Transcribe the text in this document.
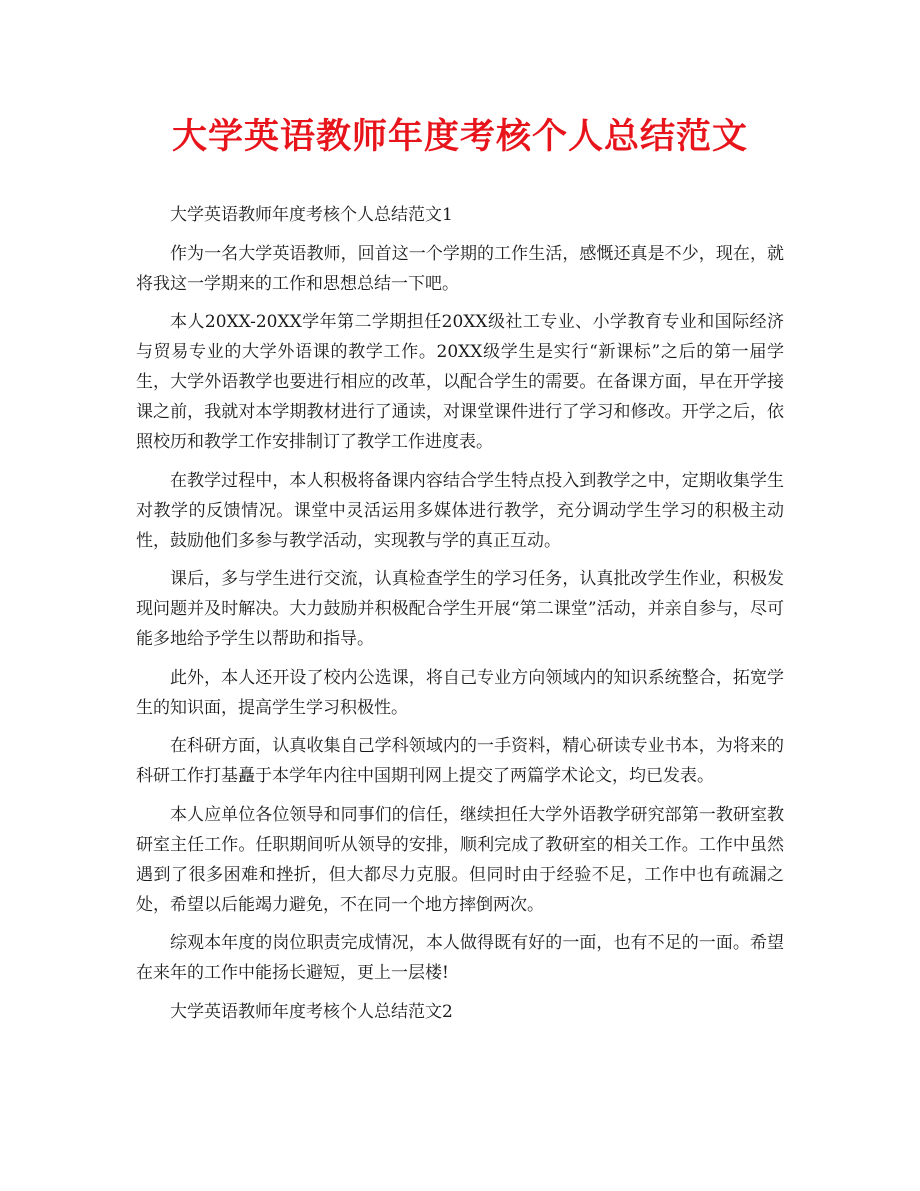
大学英语教师年度考核个人总结范文

大学英语教师年度考核个人总结范文1

作为一名大学英语教师，回首这一个学期的工作生活，感慨还真是不少，现在，就将我这一学期来的工作和思想总结一下吧。

本人20XX-20XX学年第二学期担任20XX级社工专业、小学教育专业和国际经济与贸易专业的大学外语课的教学工作。20XX级学生是实行“新课标”之后的第一届学生，大学外语教学也要进行相应的改革，以配合学生的需要。在备课方面，早在开学接课之前，我就对本学期教材进行了通读，对课堂课件进行了学习和修改。开学之后，依照校历和教学工作安排制订了教学工作进度表。

在教学过程中，本人积极将备课内容结合学生特点投入到教学之中，定期收集学生对教学的反馈情况。课堂中灵活运用多媒体进行教学，充分调动学生学习的积极主动性，鼓励他们多参与教学活动，实现教与学的真正互动。

课后，多与学生进行交流，认真检查学生的学习任务，认真批改学生作业，积极发现问题并及时解决。大力鼓励并积极配合学生开展“第二课堂”活动，并亲自参与，尽可能多地给予学生以帮助和指导。

此外，本人还开设了校内公选课，将自己专业方向领域内的知识系统整合，拓宽学生的知识面，提高学生学习积极性。

在科研方面，认真收集自己学科领域内的一手资料，精心研读专业书本，为将来的科研工作打基矗于本学年内往中国期刊网上提交了两篇学术论文，均已发表。

本人应单位各位领导和同事们的信任，继续担任大学外语教学研究部第一教研室教研室主任工作。任职期间听从领导的安排，顺利完成了教研室的相关工作。工作中虽然遇到了很多困难和挫折，但大都尽力克服。但同时由于经验不足，工作中也有疏漏之处，希望以后能竭力避免，不在同一个地方摔倒两次。

综观本年度的岗位职责完成情况，本人做得既有好的一面，也有不足的一面。希望在来年的工作中能扬长避短，更上一层楼!

大学英语教师年度考核个人总结范文2
